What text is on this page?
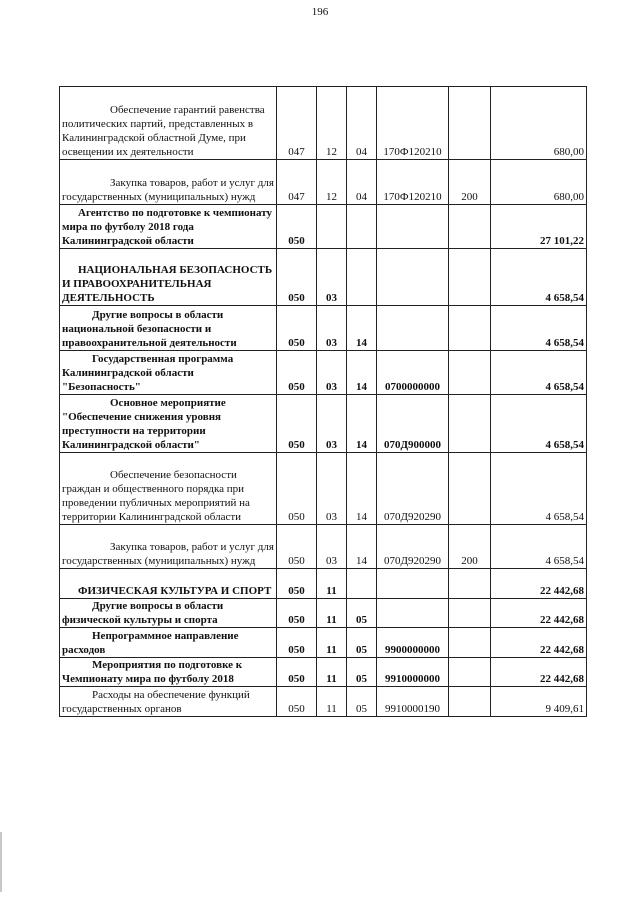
196
Обеспечение гарантий равенства политических партий, представленных в Калининградской областной Думе, при освещении их деятельности	047	12	04	170Ф120210		680,00
Закупка товаров, работ и услуг для государственных (муниципальных) нужд	047	12	04	170Ф120210	200	680,00
Агентство по подготовке к чемпионату мира по футболу 2018 года Калининградской области	050					27 101,22
НАЦИОНАЛЬНАЯ БЕЗОПАСНОСТЬ И ПРАВООХРАНИТЕЛЬНАЯ ДЕЯТЕЛЬНОСТЬ	050	03				4 658,54
Другие вопросы в области национальной безопасности и правоохранительной деятельности	050	03	14			4 658,54
Государственная программа Калининградской области "Безопасность"	050	03	14	0700000000		4 658,54
Основное мероприятие "Обеспечение снижения уровня преступности на территории Калининградской области"	050	03	14	070Д900000		4 658,54
Обеспечение безопасности граждан и общественного порядка при проведении публичных мероприятий на территории Калининградской области	050	03	14	070Д920290		4 658,54
Закупка товаров, работ и услуг для государственных (муниципальных) нужд	050	03	14	070Д920290	200	4 658,54
ФИЗИЧЕСКАЯ КУЛЬТУРА И СПОРТ	050	11				22 442,68
Другие вопросы в области физической культуры и спорта	050	11	05			22 442,68
Непрограммное направление расходов	050	11	05	9900000000		22 442,68
Мероприятия по подготовке к Чемпионату мира по футболу 2018	050	11	05	9910000000		22 442,68
Расходы на обеспечение функций государственных органов	050	11	05	9910000190		9 409,61
